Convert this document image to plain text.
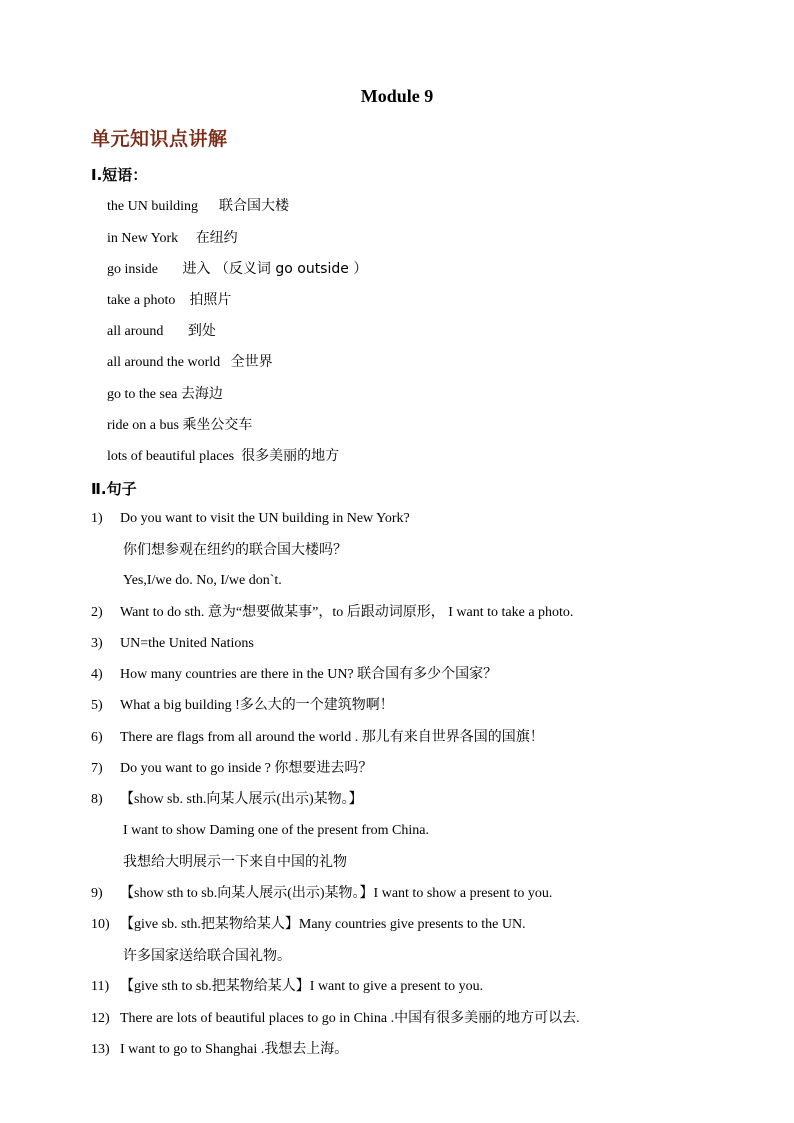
Module 9
单元知识点讲解
Ⅰ.短语：
the UN building 联合国大楼
in New York 在纽约
go inside 进入 （反义词 go outside ）
take a photo 拍照片
all around 到处
all around the world 全世界
go to the sea 去海边
ride on a bus 乘坐公交车
lots of beautiful places 很多美丽的地方
Ⅱ.句子
1) Do you want to visit the UN building in New York?
你们想参观在纽约的联合国大楼吗？
Yes,I/we do. No, I/we don`t.
2) Want to do sth. 意为“想要做某事”，to 后跟动词原形， I want to take a photo.
3) UN=the United Nations
4) How many countries are there in the UN? 联合国有多少个国家？
5) What a big building !多么大的一个建筑物啊！
6) There are flags from all around the world . 那儿有来自世界各国的国旗！
7) Do you want to go inside ? 你想要进去吗？
8) 【show sb. sth.向某人展示(出示)某物。】
I want to show Daming one of the present from China.
我想给大明展示一下来自中国的礼物
9) 【show sth to sb.向某人展示(出示)某物。】I want to show a present to you.
10) 【give sb. sth.把某物给某人】Many countries give presents to the UN.
许多国家送给联合国礼物。
11) 【give sth to sb.把某物给某人】I want to give a present to you.
12) There are lots of beautiful places to go in China .中国有很多美丽的地方可以去.
13) I want to go to Shanghai .我想去上海。
